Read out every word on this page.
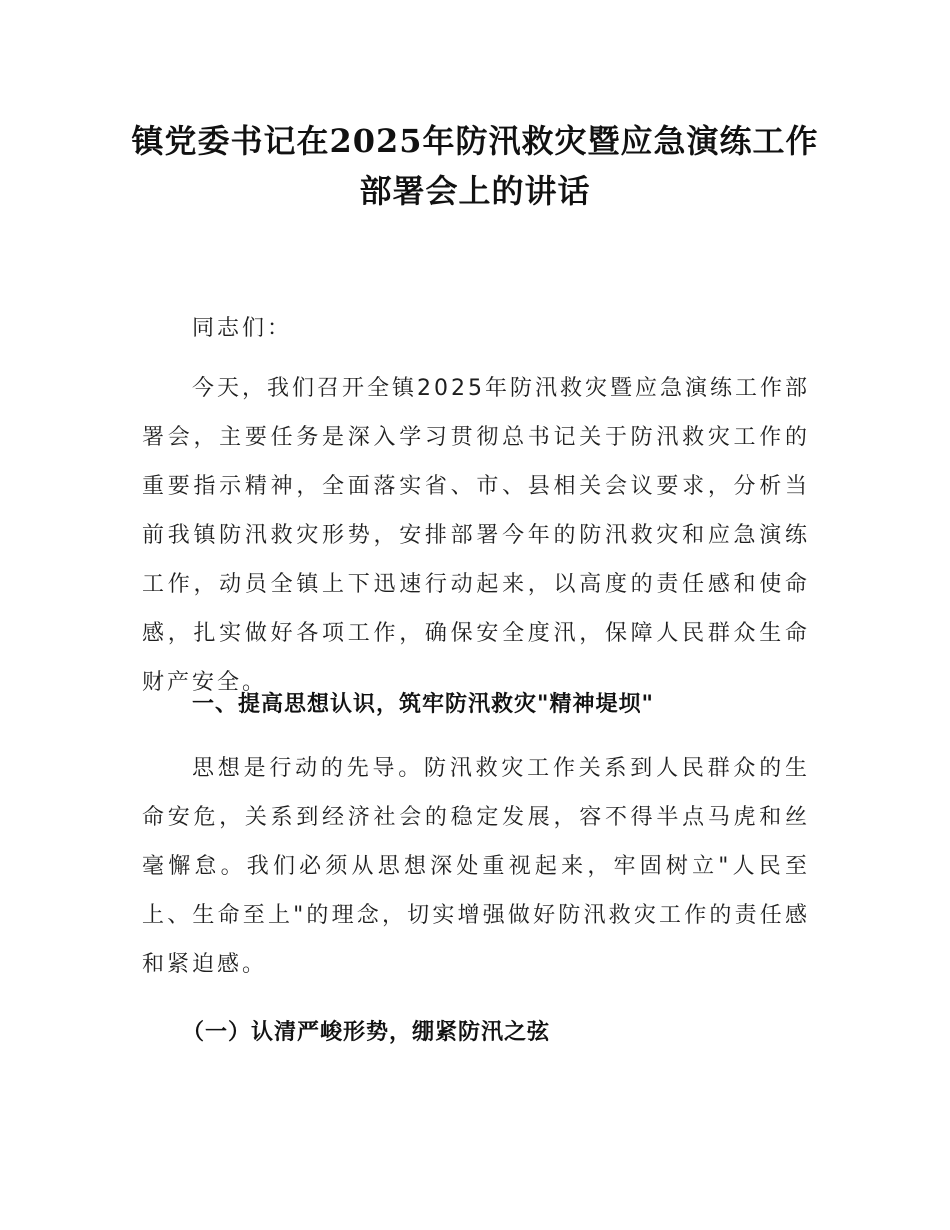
镇党委书记在2025年防汛救灾暨应急演练工作部署会上的讲话

同志们：

今天，我们召开全镇2025年防汛救灾暨应急演练工作部署会，主要任务是深入学习贯彻总书记关于防汛救灾工作的重要指示精神，全面落实省、市、县相关会议要求，分析当前我镇防汛救灾形势，安排部署今年的防汛救灾和应急演练工作，动员全镇上下迅速行动起来，以高度的责任感和使命感，扎实做好各项工作，确保安全度汛，保障人民群众生命财产安全。

一、提高思想认识，筑牢防汛救灾"精神堤坝"

思想是行动的先导。防汛救灾工作关系到人民群众的生命安危，关系到经济社会的稳定发展，容不得半点马虎和丝毫懈怠。我们必须从思想深处重视起来，牢固树立"人民至上、生命至上"的理念，切实增强做好防汛救灾工作的责任感和紧迫感。

（一）认清严峻形势，绷紧防汛之弦
